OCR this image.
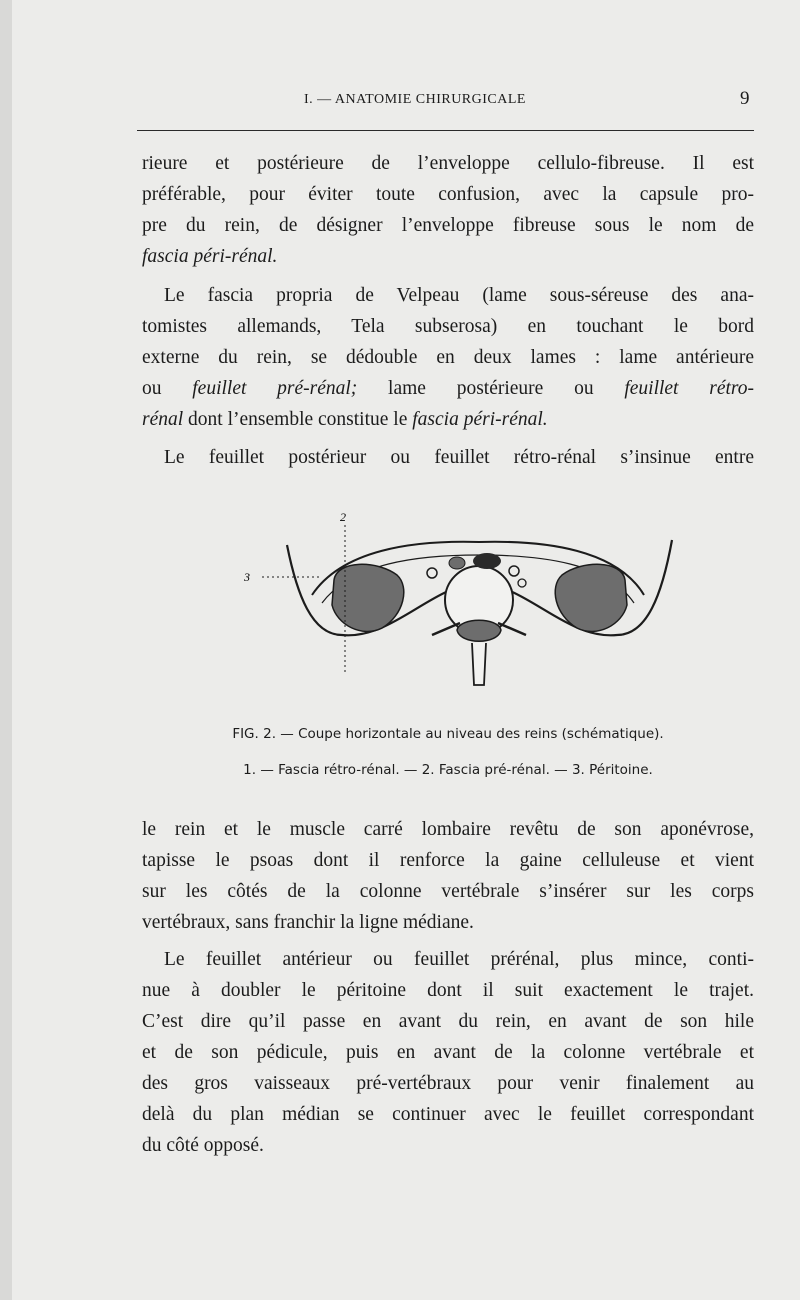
I. — ANATOMIE CHIRURGICALE	9
rieure et postérieure de l’enveloppe cellulo-fibreuse. Il est
préférable, pour éviter toute confusion, avec la capsule pro-
pre du rein, de désigner l’enveloppe fibreuse sous le nom de
fascia péri-rénal.
Le fascia propria de Velpeau (lame sous-séreuse des ana-
tomistes allemands, Tela subserosa) en touchant le bord
externe du rein, se dédouble en deux lames : lame antérieure
ou feuillet pré-rénal; lame postérieure ou feuillet rétro-
rénal dont l’ensemble constitue le fascia péri-rénal.
Le feuillet postérieur ou feuillet rétro-rénal s’insinue entre
2
3
FIG. 2. — Coupe horizontale au niveau des reins (schématique).
1. — Fascia rétro-rénal. — 2. Fascia pré-rénal. — 3. Péritoine.
le rein et le muscle carré lombaire revêtu de son aponévrose,
tapisse le psoas dont il renforce la gaine celluleuse et vient
sur les côtés de la colonne vertébrale s’insérer sur les corps
vertébraux, sans franchir la ligne médiane.
Le feuillet antérieur ou feuillet prérénal, plus mince, conti-
nue à doubler le péritoine dont il suit exactement le trajet.
C’est dire qu’il passe en avant du rein, en avant de son hile
et de son pédicule, puis en avant de la colonne vertébrale et
des gros vaisseaux pré-vertébraux pour venir finalement au
delà du plan médian se continuer avec le feuillet correspondant
du côté opposé.
